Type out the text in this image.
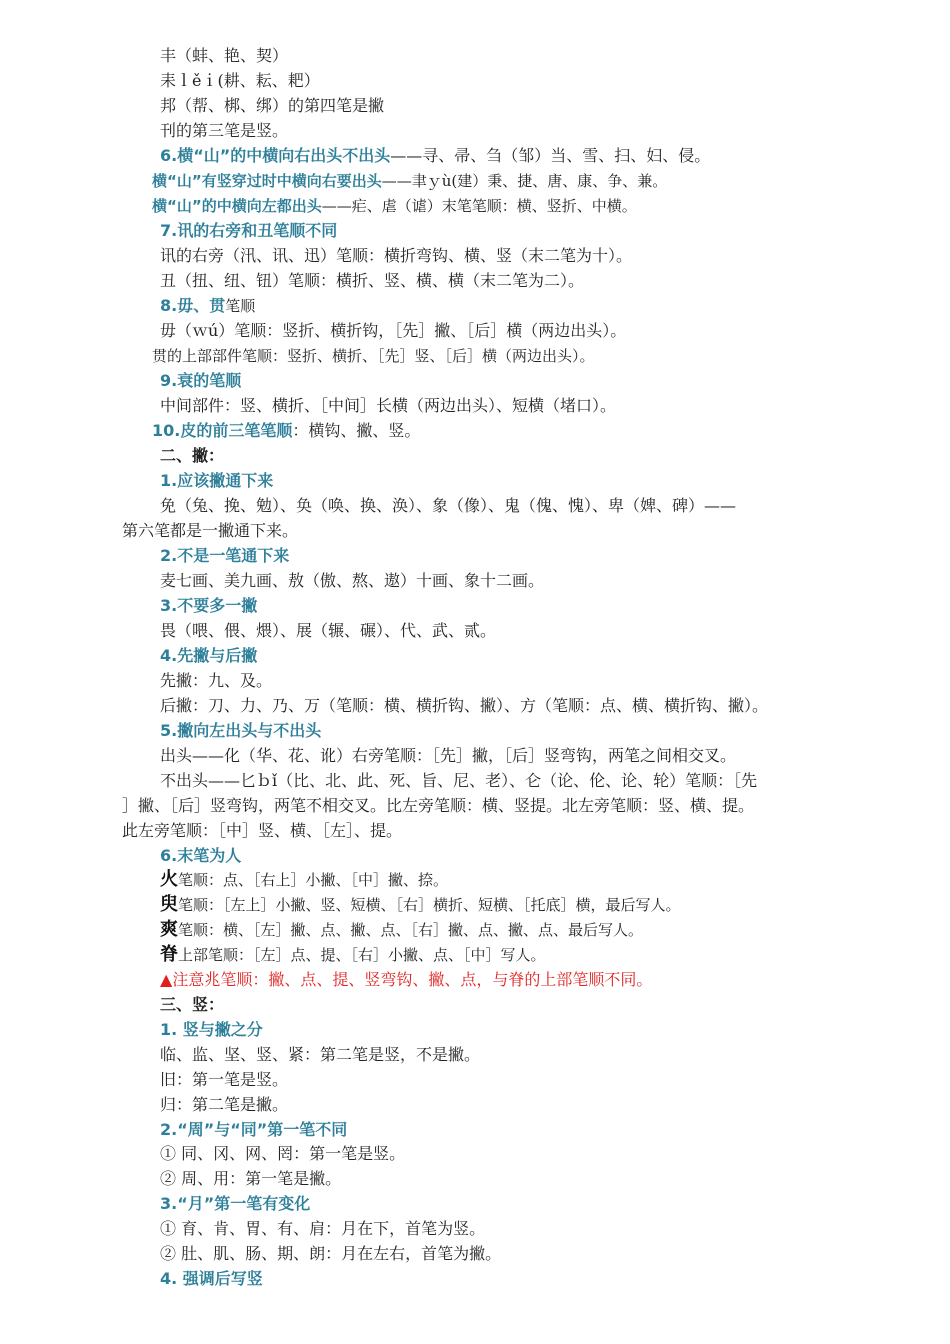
丰（蚌、艳、契）
耒ｌěｉ(耕、耘、耙）
邦（帮、梆、绑）的第四笔是撇
刊的第三笔是竖。
6.横“山”的中横向右出头不出头——寻、帚、刍（邹）当、雪、扫、妇、侵。
横“山”有竖穿过时中横向右要出头——聿ｙù(建）秉、捷、唐、康、争、兼。
横“山”的中横向左都出头——疟、虐（谑）末笔笔顺：横、竖折、中横。
7.讯的右旁和丑笔顺不同
讯的右旁（汛、讯、迅）笔顺：横折弯钩、横、竖（末二笔为十）。
丑（扭、纽、钮）笔顺：横折、竖、横、横（末二笔为二）。
8.毋、贯笔顺
毋（ｗú）笔顺：竖折、横折钩，［先］撇、［后］横（两边出头）。
贯的上部部件笔顺：竖折、横折、［先］竖、［后］横（两边出头）。
9.衰的笔顺
中间部件：竖、横折、［中间］长横（两边出头）、短横（堵口）。
10.皮的前三笔笔顺：横钩、撇、竖。
二、撇：
1.应该撇通下来
免（兔、挽、勉）、奂（唤、换、涣）、象（像）、鬼（傀、愧）、卑（婢、碑）——
第六笔都是一撇通下来。
2.不是一笔通下来
麦七画、美九画、敖（傲、熬、遨）十画、象十二画。
3.不要多一撇
畏（喂、偎、煨）、展（辗、碾）、代、武、贰。
4.先撇与后撇
先撇：九、及。
后撇：刀、力、乃、万（笔顺：横、横折钩、撇）、方（笔顺：点、横、横折钩、撇）。
5.撇向左出头与不出头
出头——化（华、花、讹）右旁笔顺：［先］撇，［后］竖弯钩，两笔之间相交叉。
不出头——匕ｂǐ（比、北、此、死、旨、尼、老）、仑（论、伦、论、轮）笔顺：［先
］撇、［后］竖弯钩，两笔不相交叉。比左旁笔顺：横、竖提。北左旁笔顺：竖、横、提。
此左旁笔顺：［中］竖、横、［左］、提。
6.末笔为人
火笔顺：点、［右上］小撇、［中］撇、捺。
臾笔顺：［左上］小撇、竖、短横、［右］横折、短横、［托底］横，最后写人。
爽笔顺：横、［左］撇、点、撇、点、［右］撇、点、撇、点、最后写人。
脊上部笔顺：［左］点、提、［右］小撇、点、［中］写人。
▲注意兆笔顺：撇、点、提、竖弯钩、撇、点，与脊的上部笔顺不同。
三、竖：
1. 竖与撇之分
临、监、坚、竖、紧：第二笔是竖，不是撇。
旧：第一笔是竖。
归：第二笔是撇。
2.“周”与“同”第一笔不同
① 同、冈、网、罔：第一笔是竖。
② 周、用：第一笔是撇。
3.“月”第一笔有变化
① 育、肯、胃、有、肩：月在下，首笔为竖。
② 肚、肌、肠、期、朗：月在左右，首笔为撇。
4. 强调后写竖
